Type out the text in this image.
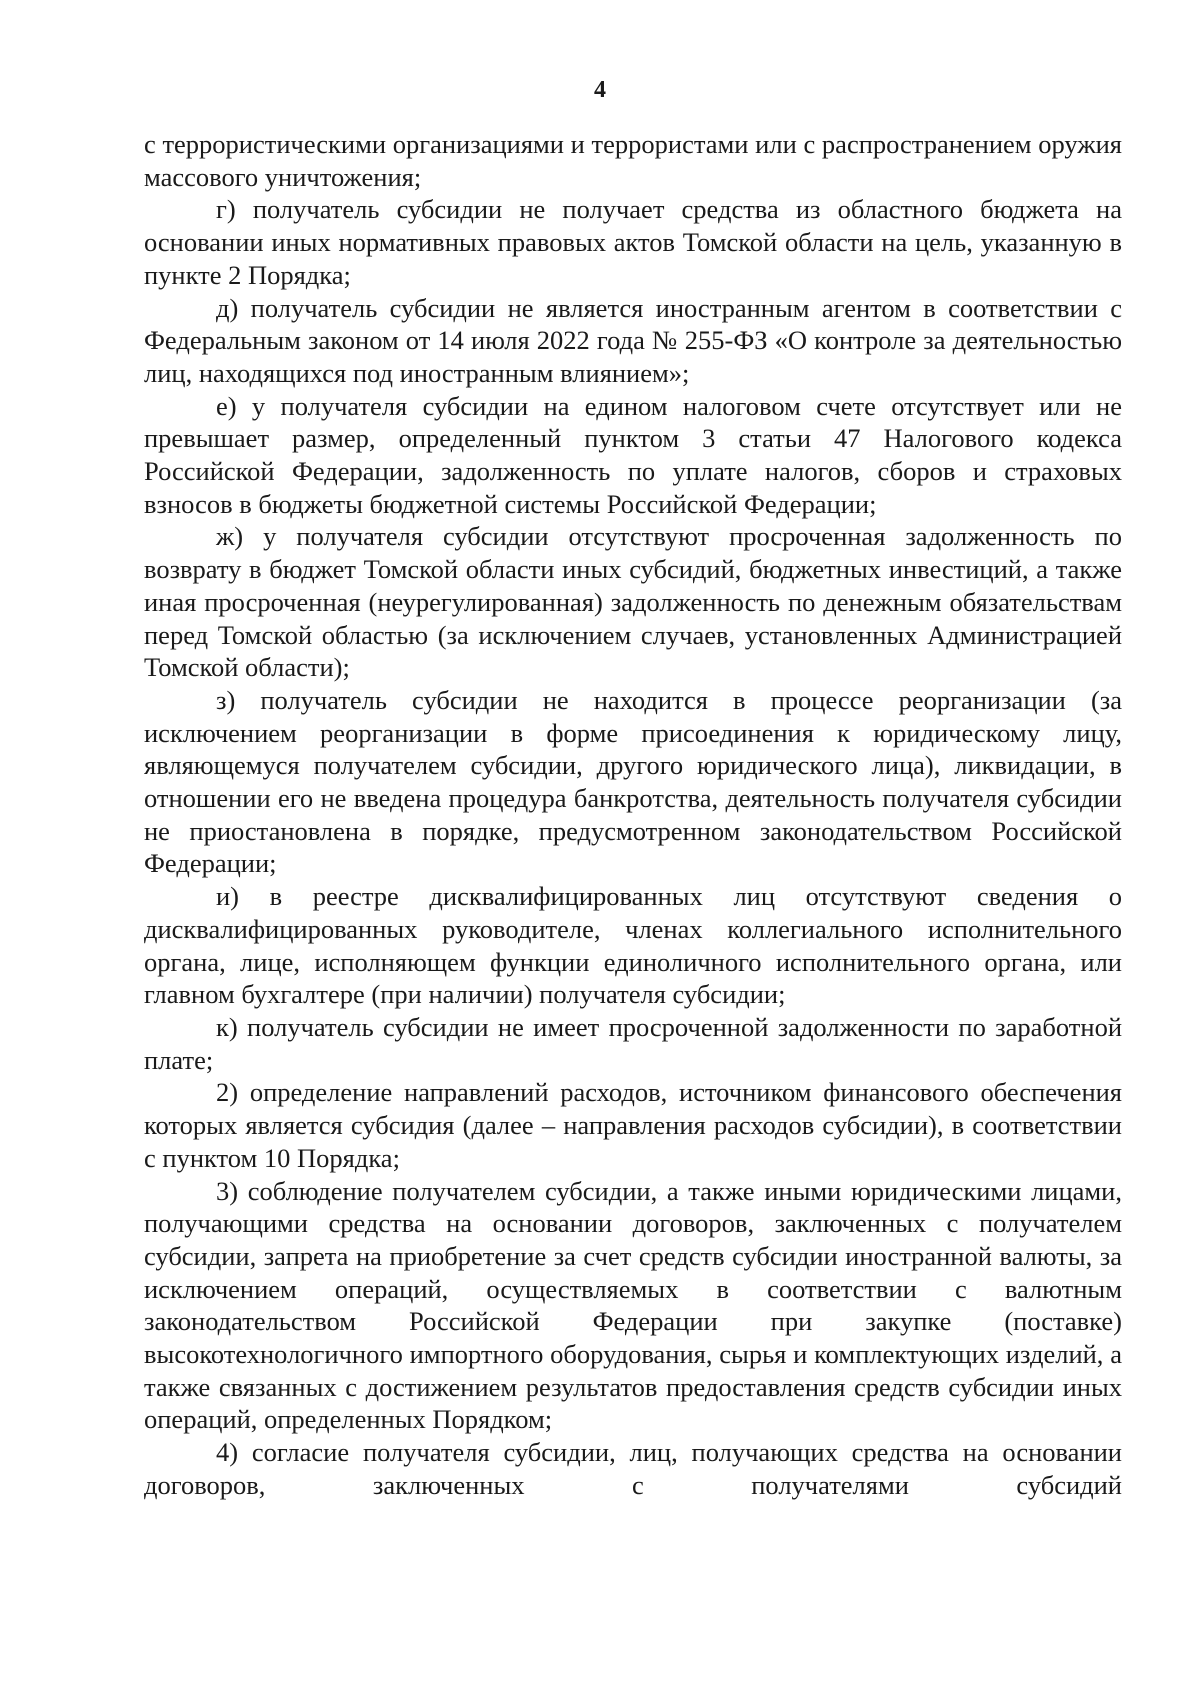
4

с террористическими организациями и террористами или с распространением оружия массового уничтожения;

г) получатель субсидии не получает средства из областного бюджета на основании иных нормативных правовых актов Томской области на цель, указанную в пункте 2 Порядка;

д) получатель субсидии не является иностранным агентом в соответствии с Федеральным законом от 14 июля 2022 года № 255-ФЗ «О контроле за деятельностью лиц, находящихся под иностранным влиянием»;

е) у получателя субсидии на едином налоговом счете отсутствует или не превышает размер, определенный пунктом 3 статьи 47 Налогового кодекса Российской Федерации, задолженность по уплате налогов, сборов и страховых взносов в бюджеты бюджетной системы Российской Федерации;

ж) у получателя субсидии отсутствуют просроченная задолженность по возврату в бюджет Томской области иных субсидий, бюджетных инвестиций, а также иная просроченная (неурегулированная) задолженность по денежным обязательствам перед Томской областью (за исключением случаев, установленных Администрацией Томской области);

з) получатель субсидии не находится в процессе реорганизации (за исключением реорганизации в форме присоединения к юридическому лицу, являющемуся получателем субсидии, другого юридического лица), ликвидации, в отношении его не введена процедура банкротства, деятельность получателя субсидии не приостановлена в порядке, предусмотренном законодательством Российской Федерации;

и) в реестре дисквалифицированных лиц отсутствуют сведения о дисквалифицированных руководителе, членах коллегиального исполнительного органа, лице, исполняющем функции единоличного исполнительного органа, или главном бухгалтере (при наличии) получателя субсидии;

к) получатель субсидии не имеет просроченной задолженности по заработной плате;

2) определение направлений расходов, источником финансового обеспечения которых является субсидия (далее – направления расходов субсидии), в соответствии с пунктом 10 Порядка;

3) соблюдение получателем субсидии, а также иными юридическими лицами, получающими средства на основании договоров, заключенных с получателем субсидии, запрета на приобретение за счет средств субсидии иностранной валюты, за исключением операций, осуществляемых в соответствии с валютным законодательством Российской Федерации при закупке (поставке) высокотехнологичного импортного оборудования, сырья и комплектующих изделий, а также связанных с достижением результатов предоставления средств субсидии иных операций, определенных Порядком;

4) согласие получателя субсидии, лиц, получающих средства на основании договоров, заключенных с получателями субсидий
